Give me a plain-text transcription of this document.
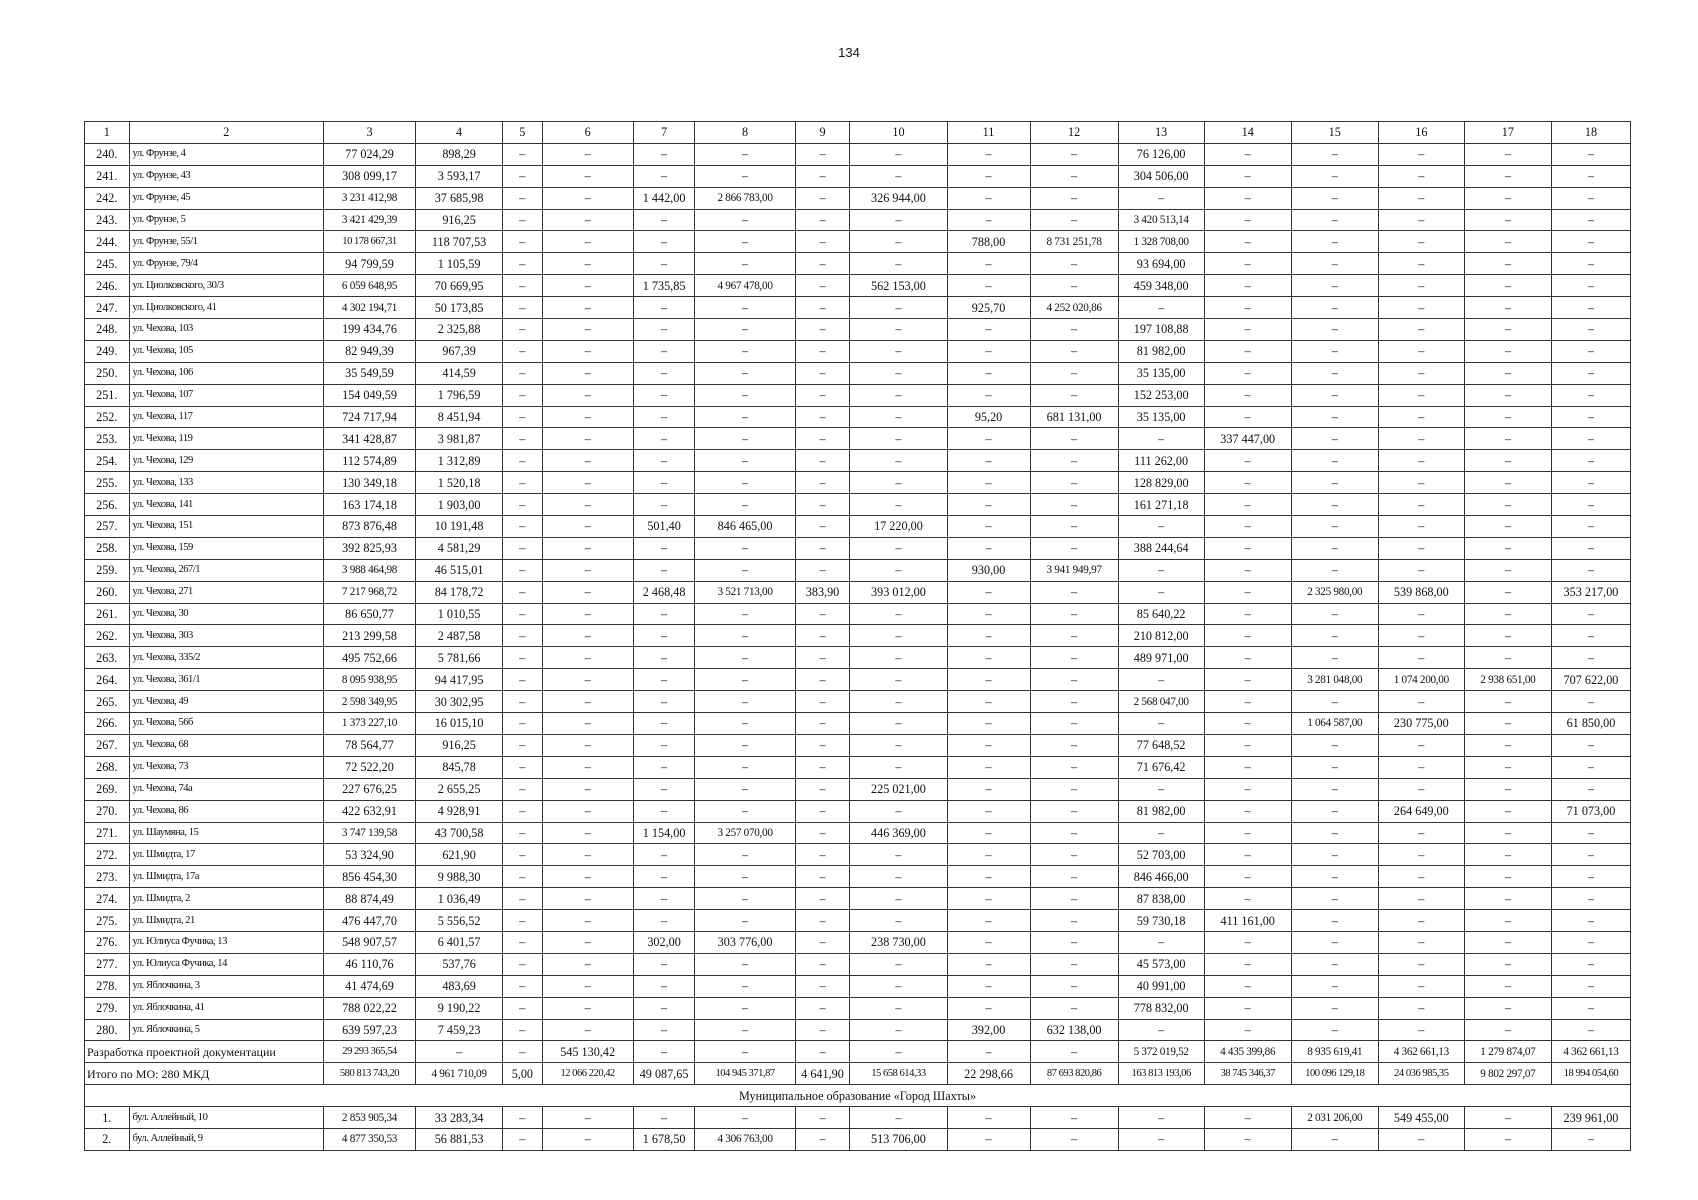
134
1	2	3	4	5	6	7	8	9	10	11	12	13	14	15	16	17	18
240.	ул. Фрунзе, 4	77 024,29	898,29	–	–	–	–	–	–	–	–	76 126,00	–	–	–	–	–
241.	ул. Фрунзе, 43	308 099,17	3 593,17	–	–	–	–	–	–	–	–	304 506,00	–	–	–	–	–
242.	ул. Фрунзе, 45	3 231 412,98	37 685,98	–	–	1 442,00	2 866 783,00	–	326 944,00	–	–	–	–	–	–	–	–
243.	ул. Фрунзе, 5	3 421 429,39	916,25	–	–	–	–	–	–	–	–	3 420 513,14	–	–	–	–	–
244.	ул. Фрунзе, 55/1	10 178 667,31	118 707,53	–	–	–	–	–	–	788,00	8 731 251,78	1 328 708,00	–	–	–	–	–
245.	ул. Фрунзе, 79/4	94 799,59	1 105,59	–	–	–	–	–	–	–	–	93 694,00	–	–	–	–	–
246.	ул. Циолковского, 30/3	6 059 648,95	70 669,95	–	–	1 735,85	4 967 478,00	–	562 153,00	–	–	459 348,00	–	–	–	–	–
247.	ул. Циолковского, 41	4 302 194,71	50 173,85	–	–	–	–	–	–	925,70	4 252 020,86	–	–	–	–	–	–
248.	ул. Чехова, 103	199 434,76	2 325,88	–	–	–	–	–	–	–	–	197 108,88	–	–	–	–	–
249.	ул. Чехова, 105	82 949,39	967,39	–	–	–	–	–	–	–	–	81 982,00	–	–	–	–	–
250.	ул. Чехова, 106	35 549,59	414,59	–	–	–	–	–	–	–	–	35 135,00	–	–	–	–	–
251.	ул. Чехова, 107	154 049,59	1 796,59	–	–	–	–	–	–	–	–	152 253,00	–	–	–	–	–
252.	ул. Чехова, 117	724 717,94	8 451,94	–	–	–	–	–	–	95,20	681 131,00	35 135,00	–	–	–	–	–
253.	ул. Чехова, 119	341 428,87	3 981,87	–	–	–	–	–	–	–	–	–	337 447,00	–	–	–	–
254.	ул. Чехова, 129	112 574,89	1 312,89	–	–	–	–	–	–	–	–	111 262,00	–	–	–	–	–
255.	ул. Чехова, 133	130 349,18	1 520,18	–	–	–	–	–	–	–	–	128 829,00	–	–	–	–	–
256.	ул. Чехова, 141	163 174,18	1 903,00	–	–	–	–	–	–	–	–	161 271,18	–	–	–	–	–
257.	ул. Чехова, 151	873 876,48	10 191,48	–	–	501,40	846 465,00	–	17 220,00	–	–	–	–	–	–	–	–
258.	ул. Чехова, 159	392 825,93	4 581,29	–	–	–	–	–	–	–	–	388 244,64	–	–	–	–	–
259.	ул. Чехова, 267/1	3 988 464,98	46 515,01	–	–	–	–	–	–	930,00	3 941 949,97	–	–	–	–	–	–
260.	ул. Чехова, 271	7 217 968,72	84 178,72	–	–	2 468,48	3 521 713,00	383,90	393 012,00	–	–	–	–	2 325 980,00	539 868,00	–	353 217,00
261.	ул. Чехова, 30	86 650,77	1 010,55	–	–	–	–	–	–	–	–	85 640,22	–	–	–	–	–
262.	ул. Чехова, 303	213 299,58	2 487,58	–	–	–	–	–	–	–	–	210 812,00	–	–	–	–	–
263.	ул. Чехова, 335/2	495 752,66	5 781,66	–	–	–	–	–	–	–	–	489 971,00	–	–	–	–	–
264.	ул. Чехова, 361/1	8 095 938,95	94 417,95	–	–	–	–	–	–	–	–	–	–	3 281 048,00	1 074 200,00	2 938 651,00	707 622,00
265.	ул. Чехова, 49	2 598 349,95	30 302,95	–	–	–	–	–	–	–	–	2 568 047,00	–	–	–	–	–
266.	ул. Чехова, 56б	1 373 227,10	16 015,10	–	–	–	–	–	–	–	–	–	–	1 064 587,00	230 775,00	–	61 850,00
267.	ул. Чехова, 68	78 564,77	916,25	–	–	–	–	–	–	–	–	77 648,52	–	–	–	–	–
268.	ул. Чехова, 73	72 522,20	845,78	–	–	–	–	–	–	–	–	71 676,42	–	–	–	–	–
269.	ул. Чехова, 74а	227 676,25	2 655,25	–	–	–	–	–	225 021,00	–	–	–	–	–	–	–	–
270.	ул. Чехова, 86	422 632,91	4 928,91	–	–	–	–	–	–	–	–	81 982,00	–	–	264 649,00	–	71 073,00
271.	ул. Шаумяна, 15	3 747 139,58	43 700,58	–	–	1 154,00	3 257 070,00	–	446 369,00	–	–	–	–	–	–	–	–
272.	ул. Шмидта, 17	53 324,90	621,90	–	–	–	–	–	–	–	–	52 703,00	–	–	–	–	–
273.	ул. Шмидта, 17а	856 454,30	9 988,30	–	–	–	–	–	–	–	–	846 466,00	–	–	–	–	–
274.	ул. Шмидта, 2	88 874,49	1 036,49	–	–	–	–	–	–	–	–	87 838,00	–	–	–	–	–
275.	ул. Шмидта, 21	476 447,70	5 556,52	–	–	–	–	–	–	–	–	59 730,18	411 161,00	–	–	–	–
276.	ул. Юлиуса Фучика, 13	548 907,57	6 401,57	–	–	302,00	303 776,00	–	238 730,00	–	–	–	–	–	–	–	–
277.	ул. Юлиуса Фучика, 14	46 110,76	537,76	–	–	–	–	–	–	–	–	45 573,00	–	–	–	–	–
278.	ул. Яблочкина, 3	41 474,69	483,69	–	–	–	–	–	–	–	–	40 991,00	–	–	–	–	–
279.	ул. Яблочкина, 41	788 022,22	9 190,22	–	–	–	–	–	–	–	–	778 832,00	–	–	–	–	–
280.	ул. Яблочкина, 5	639 597,23	7 459,23	–	–	–	–	–	–	392,00	632 138,00	–	–	–	–	–	–
Разработка проектной документации		29 293 365,54	–	–	545 130,42	–	–	–	–	–	–	5 372 019,52	4 435 399,86	8 935 619,41	4 362 661,13	1 279 874,07	4 362 661,13
Итого по МО: 280 МКД		580 813 743,20	4 961 710,09	5,00	12 066 220,42	49 087,65	104 945 371,87	4 641,90	15 658 614,33	22 298,66	87 693 820,86	163 813 193,06	38 745 346,37	100 096 129,18	24 036 985,35	9 802 297,07	18 994 054,60
Муниципальное образование «Город Шахты»																	
1.	бул. Аллейный, 10	2 853 905,34	33 283,34	–	–	–	–	–	–	–	–	–	–	2 031 206,00	549 455,00	–	239 961,00
2.	бул. Аллейный, 9	4 877 350,53	56 881,53	–	–	1 678,50	4 306 763,00	–	513 706,00	–	–	–	–	–	–	–	–
